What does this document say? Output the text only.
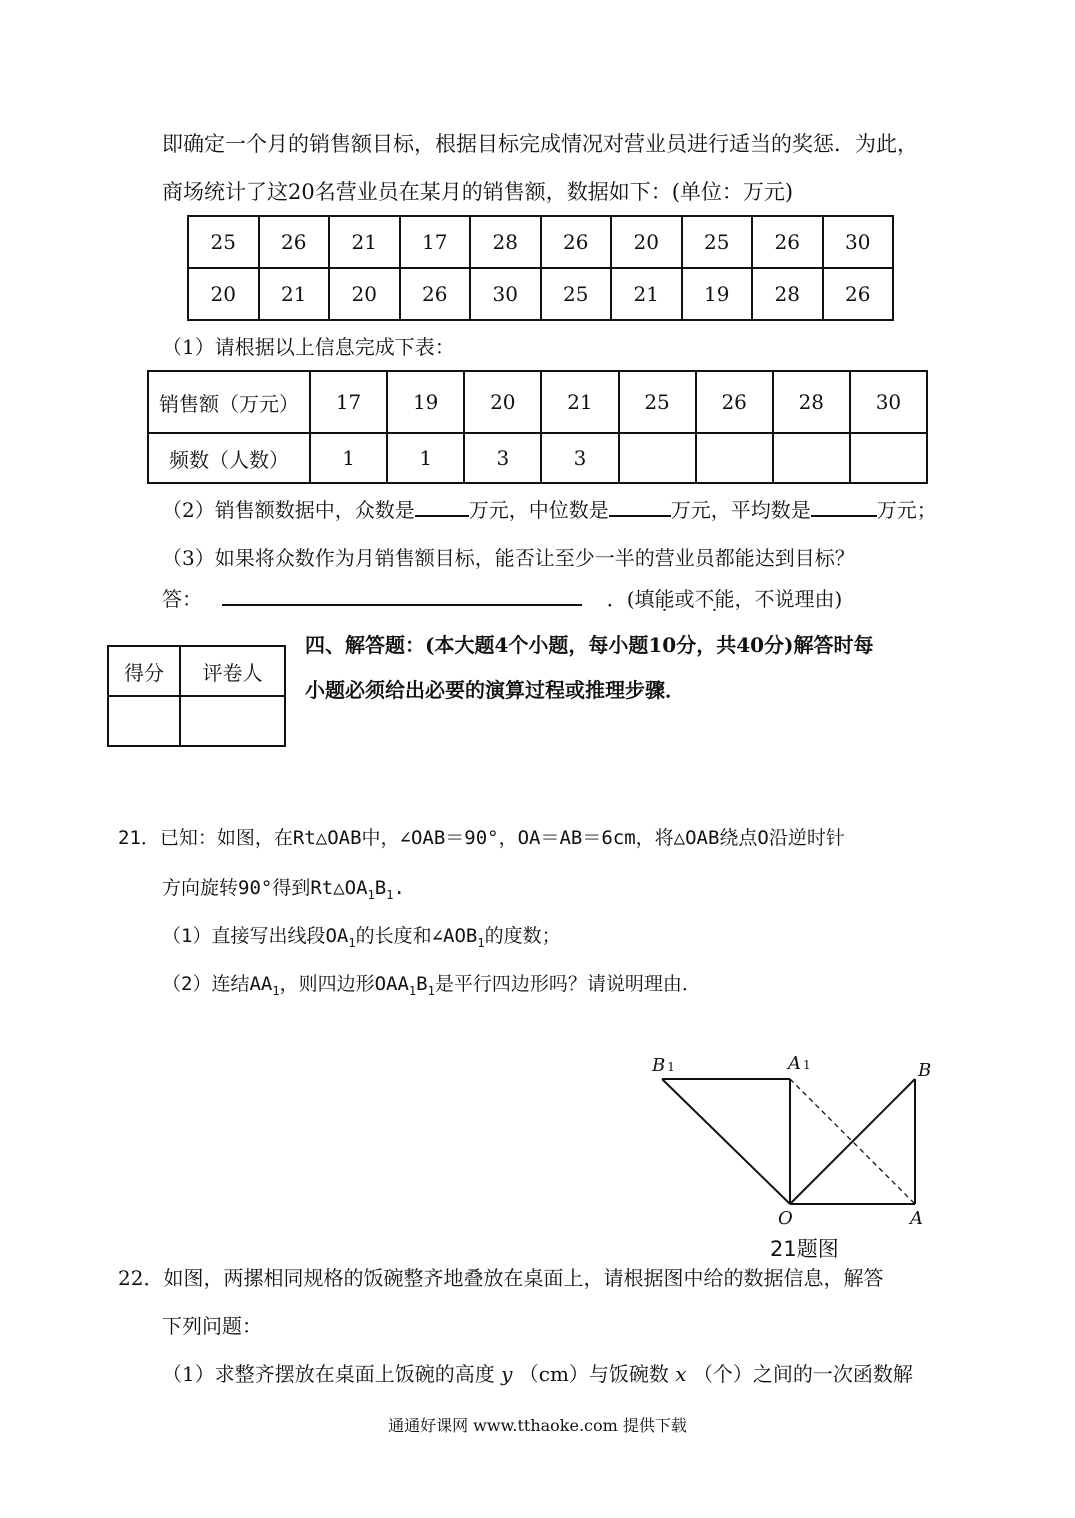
即确定一个月的销售额目标，根据目标完成情况对营业员进行适当的奖惩．为此，
商场统计了这20名营业员在某月的销售额，数据如下：(单位：万元)
25	26	21	17	28	26	20	25	26	30
20	21	20	26	30	25	21	19	28	26
（1）请根据以上信息完成下表：
销售额（万元）	17	19	20	21	25	26	28	30
频数（人数）	1	1	3	3				
（2）销售额数据中，众数是	万元，中位数是	万元，平均数是	万元；
（3）如果将众数作为月销售额目标，能否让至少一半的营业员都能达到目标？
答：	．(填能或不能，不说理由)
得分	评卷人

四、解答题：(本大题4个小题，每小题10分，共40分)解答时每
小题必须给出必要的演算过程或推理步骤．
21．已知：如图，在Rt△OAB中，∠OAB＝90°，OA＝AB＝6cm，将△OAB绕点O沿逆时针
方向旋转90°得到$Rt\triangle OA_1B_1$.
（1）直接写出线段$OA_1$的长度和$\angle AOB_1$的度数；
（2）连结$AA_1$，则四边形$OAA_1B_1$是平行四边形吗？请说明理由．
B 1	A 1	B
O	A
21题图
22．如图，两摞相同规格的饭碗整齐地叠放在桌面上，请根据图中给的数据信息，解答
下列问题：
（1）求整齐摆放在桌面上饭碗的高度 y （cm）与饭碗数 x （个）之间的一次函数解
通通好课网 www.tthaoke.com 提供下载
